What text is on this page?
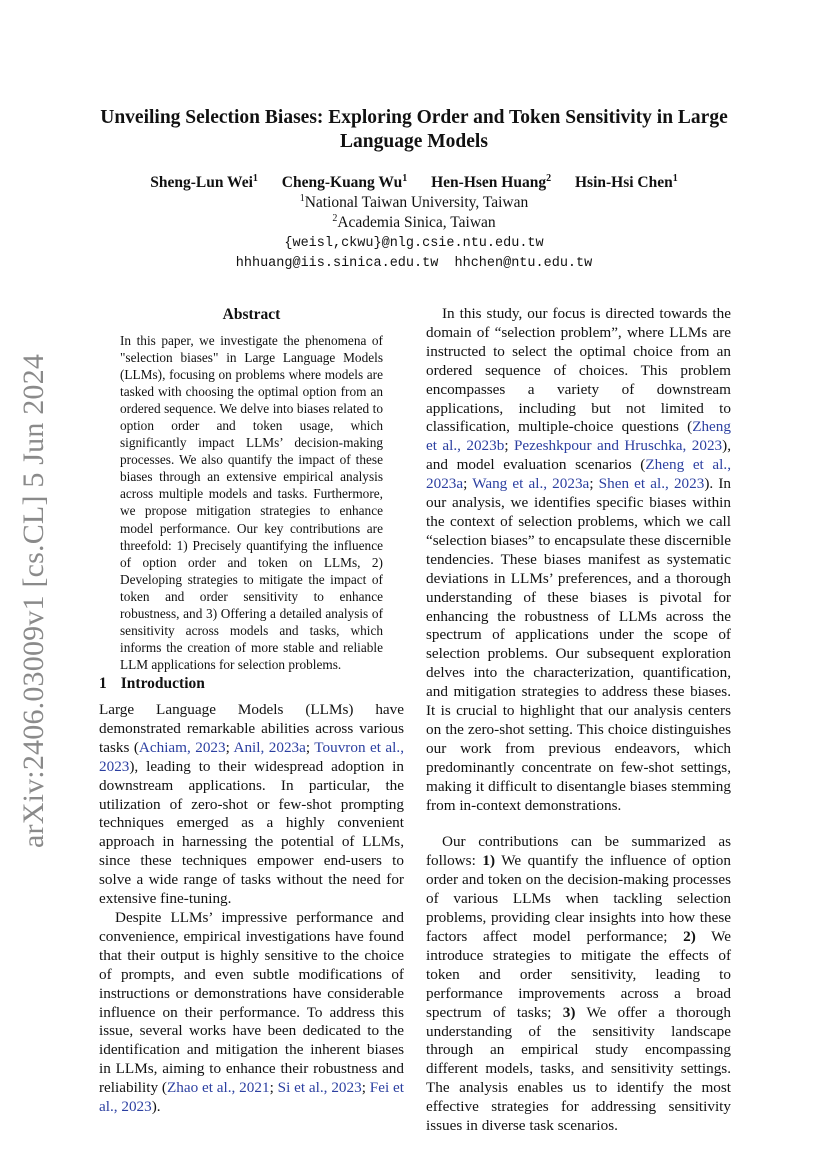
arXiv:2406.03009v1 [cs.CL] 5 Jun 2024
Unveiling Selection Biases: Exploring Order and Token Sensitivity in Large Language Models
Sheng-Lun Wei$^1$ Cheng-Kuang Wu$^1$ Hen-Hsen Huang$^2$ Hsin-Hsi Chen$^1$
$^1$National Taiwan University, Taiwan
$^2$Academia Sinica, Taiwan
{weisl,ckwu}@nlg.csie.ntu.edu.tw
hhhuang@iis.sinica.edu.tw  hhchen@ntu.edu.tw
Abstract
In this paper, we investigate the phenomena of "selection biases" in Large Language Models (LLMs), focusing on problems where models are tasked with choosing the optimal option from an ordered sequence. We delve into biases related to option order and token usage, which significantly impact LLMs’ decision-making processes. We also quantify the impact of these biases through an extensive empirical analysis across multiple models and tasks. Furthermore, we propose mitigation strategies to enhance model performance. Our key contributions are threefold: 1) Precisely quantifying the influence of option order and token on LLMs, 2) Developing strategies to mitigate the impact of token and order sensitivity to enhance robustness, and 3) Offering a detailed analysis of sensitivity across models and tasks, which informs the creation of more stable and reliable LLM applications for selection problems.
1 Introduction

Large Language Models (LLMs) have demonstrated remarkable abilities across various tasks (Achiam, 2023; Anil, 2023a; Touvron et al., 2023), leading to their widespread adoption in downstream applications. In particular, the utilization of zero-shot or few-shot prompting techniques emerged as a highly convenient approach in harnessing the potential of LLMs, since these techniques empower end-users to solve a wide range of tasks without the need for extensive fine-tuning.

Despite LLMs’ impressive performance and convenience, empirical investigations have found that their output is highly sensitive to the choice of prompts, and even subtle modifications of instructions or demonstrations have considerable influence on their performance. To address this issue, several works have been dedicated to the identification and mitigation the inherent biases in LLMs, aiming to enhance their robustness and reliability (Zhao et al., 2021; Si et al., 2023; Fei et al., 2023).

In this study, our focus is directed towards the domain of “selection problem”, where LLMs are instructed to select the optimal choice from an ordered sequence of choices. This problem encompasses a variety of downstream applications, including but not limited to classification, multiple-choice questions (Zheng et al., 2023b; Pezeshkpour and Hruschka, 2023), and model evaluation scenarios (Zheng et al., 2023a; Wang et al., 2023a; Shen et al., 2023). In our analysis, we identifies specific biases within the context of selection problems, which we call “selection biases” to encapsulate these discernible tendencies. These biases manifest as systematic deviations in LLMs’ preferences, and a thorough understanding of these biases is pivotal for enhancing the robustness of LLMs across the spectrum of applications under the scope of selection problems. Our subsequent exploration delves into the characterization, quantification, and mitigation strategies to address these biases. It is crucial to highlight that our analysis centers on the zero-shot setting. This choice distinguishes our work from previous endeavors, which predominantly concentrate on few-shot settings, making it difficult to disentangle biases stemming from in-context demonstrations.

Our contributions can be summarized as follows: 1) We quantify the influence of option order and token on the decision-making processes of various LLMs when tackling selection problems, providing clear insights into how these factors affect model performance; 2) We introduce strategies to mitigate the effects of token and order sensitivity, leading to performance improvements across a broad spectrum of tasks; 3) We offer a thorough understanding of the sensitivity landscape through an empirical study encompassing different models, tasks, and sensitivity settings. The analysis enables us to identify the most effective strategies for addressing sensitivity issues in diverse task scenarios.
